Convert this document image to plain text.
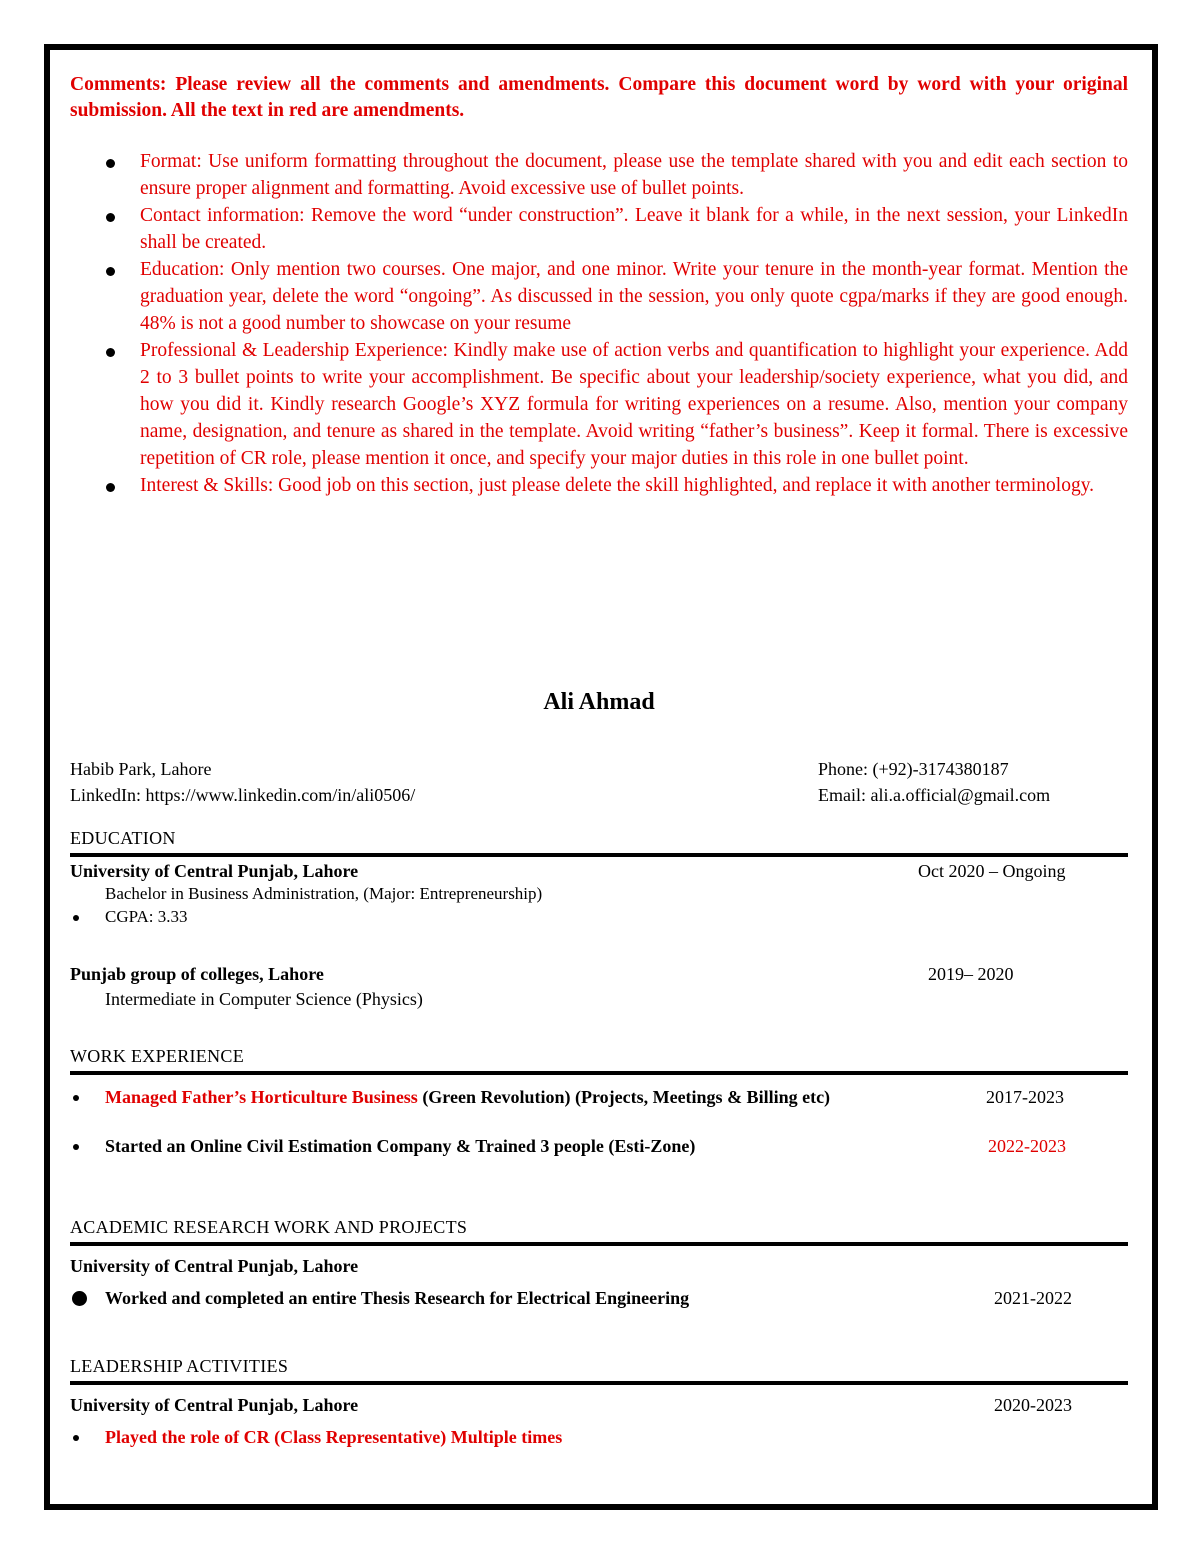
Comments: Please review all the comments and amendments. Compare this document word by word with your original submission. All the text in red are amendments.

Format: Use uniform formatting throughout the document, please use the template shared with you and edit each section to ensure proper alignment and formatting. Avoid excessive use of bullet points.
Contact information: Remove the word “under construction”. Leave it blank for a while, in the next session, your LinkedIn shall be created.
Education: Only mention two courses. One major, and one minor. Write your tenure in the month-year format. Mention the graduation year, delete the word “ongoing”. As discussed in the session, you only quote cgpa/marks if they are good enough. 48% is not a good number to showcase on your resume
Professional & Leadership Experience: Kindly make use of action verbs and quantification to highlight your experience. Add 2 to 3 bullet points to write your accomplishment. Be specific about your leadership/society experience, what you did, and how you did it. Kindly research Google’s XYZ formula for writing experiences on a resume. Also, mention your company name, designation, and tenure as shared in the template. Avoid writing “father’s business”. Keep it formal. There is excessive repetition of CR role, please mention it once, and specify your major duties in this role in one bullet point.
Interest & Skills: Good job on this section, just please delete the skill highlighted, and replace it with another terminology.
Ali Ahmad
Habib Park, Lahore
LinkedIn: https://www.linkedin.com/in/ali0506/
Phone: (+92)-3174380187
Email: ali.a.official@gmail.com
EDUCATION
University of Central Punjab, Lahore	Oct 2020 – Ongoing
Bachelor in Business Administration, (Major: Entrepreneurship)
CGPA: 3.33
Punjab group of colleges, Lahore	2019– 2020
Intermediate in Computer Science (Physics)
WORK EXPERIENCE
Managed Father’s Horticulture Business (Green Revolution) (Projects, Meetings & Billing etc)	2017-2023
Started an Online Civil Estimation Company & Trained 3 people (Esti-Zone)	2022-2023
ACADEMIC RESEARCH WORK AND PROJECTS
University of Central Punjab, Lahore
Worked and completed an entire Thesis Research for Electrical Engineering	2021-2022
LEADERSHIP ACTIVITIES
University of Central Punjab, Lahore	2020-2023
Played the role of CR (Class Representative) Multiple times
